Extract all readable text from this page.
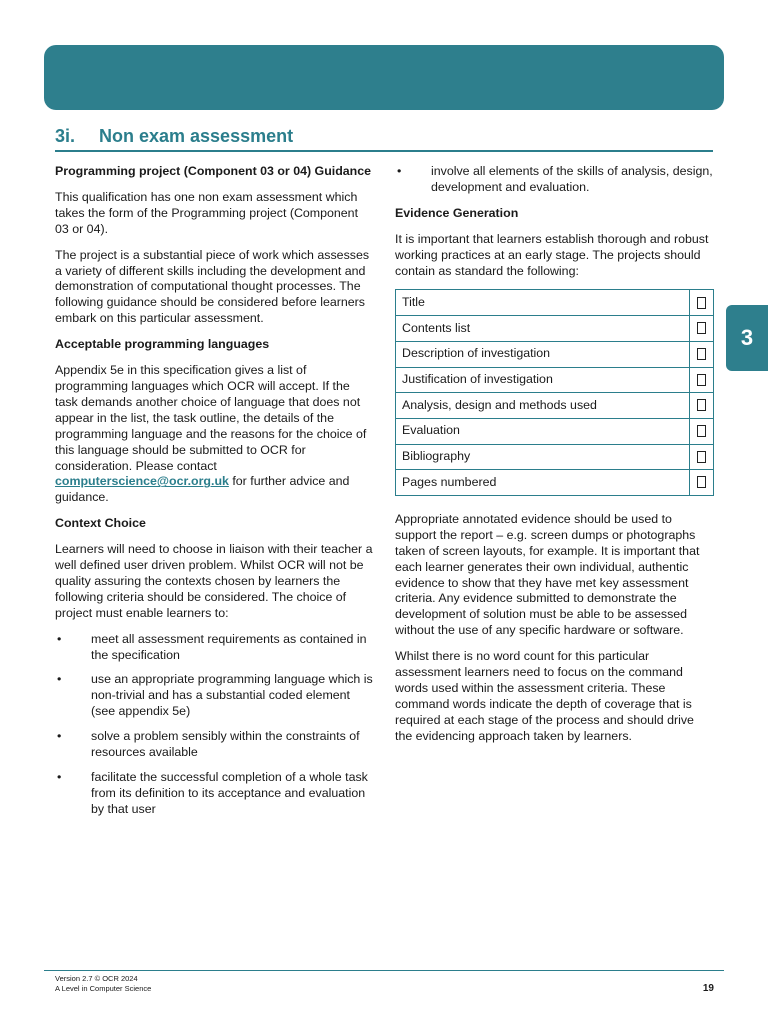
3i. Non exam assessment
3
Programming project (Component 03 or 04) Guidance

This qualification has one non exam assessment which takes the form of the Programming project (Component 03 or 04).

The project is a substantial piece of work which assesses a variety of different skills including the development and demonstration of computational thought processes. The following guidance should be considered before learners embark on this particular assessment.

Acceptable programming languages

Appendix 5e in this specification gives a list of programming languages which OCR will accept. If the task demands another choice of language that does not appear in the list, the task outline, the details of the programming language and the reasons for the choice of this language should be submitted to OCR for consideration. Please contact computerscience@ocr.org.uk for further advice and guidance.

Context Choice

Learners will need to choose in liaison with their teacher a well defined user driven problem. Whilst OCR will not be quality assuring the contexts chosen by learners the following criteria should be considered. The choice of project must enable learners to:

• meet all assessment requirements as contained in the specification
• use an appropriate programming language which is non-trivial and has a substantial coded element (see appendix 5e)
• solve a problem sensibly within the constraints of resources available
• facilitate the successful completion of a whole task from its definition to its acceptance and evaluation by that user
• involve all elements of the skills of analysis, design, development and evaluation.
Evidence Generation

It is important that learners establish thorough and robust working practices at an early stage. The projects should contain as standard the following:

Title	
Contents list	
Description of investigation	
Justification of investigation	
Analysis, design and methods used	
Evaluation	
Bibliography	
Pages numbered	

Appropriate annotated evidence should be used to support the report – e.g. screen dumps or photographs taken of screen layouts, for example. It is important that each learner generates their own individual, authentic evidence to show that they have met key assessment criteria. Any evidence submitted to demonstrate the development of solution must be able to be assessed without the use of any specific hardware or software.

Whilst there is no word count for this particular assessment learners need to focus on the command words used within the assessment criteria. These command words indicate the depth of coverage that is required at each stage of the process and should drive the evidencing approach taken by learners.

Version 2.7 © OCR 2024
A Level in Computer Science	19
